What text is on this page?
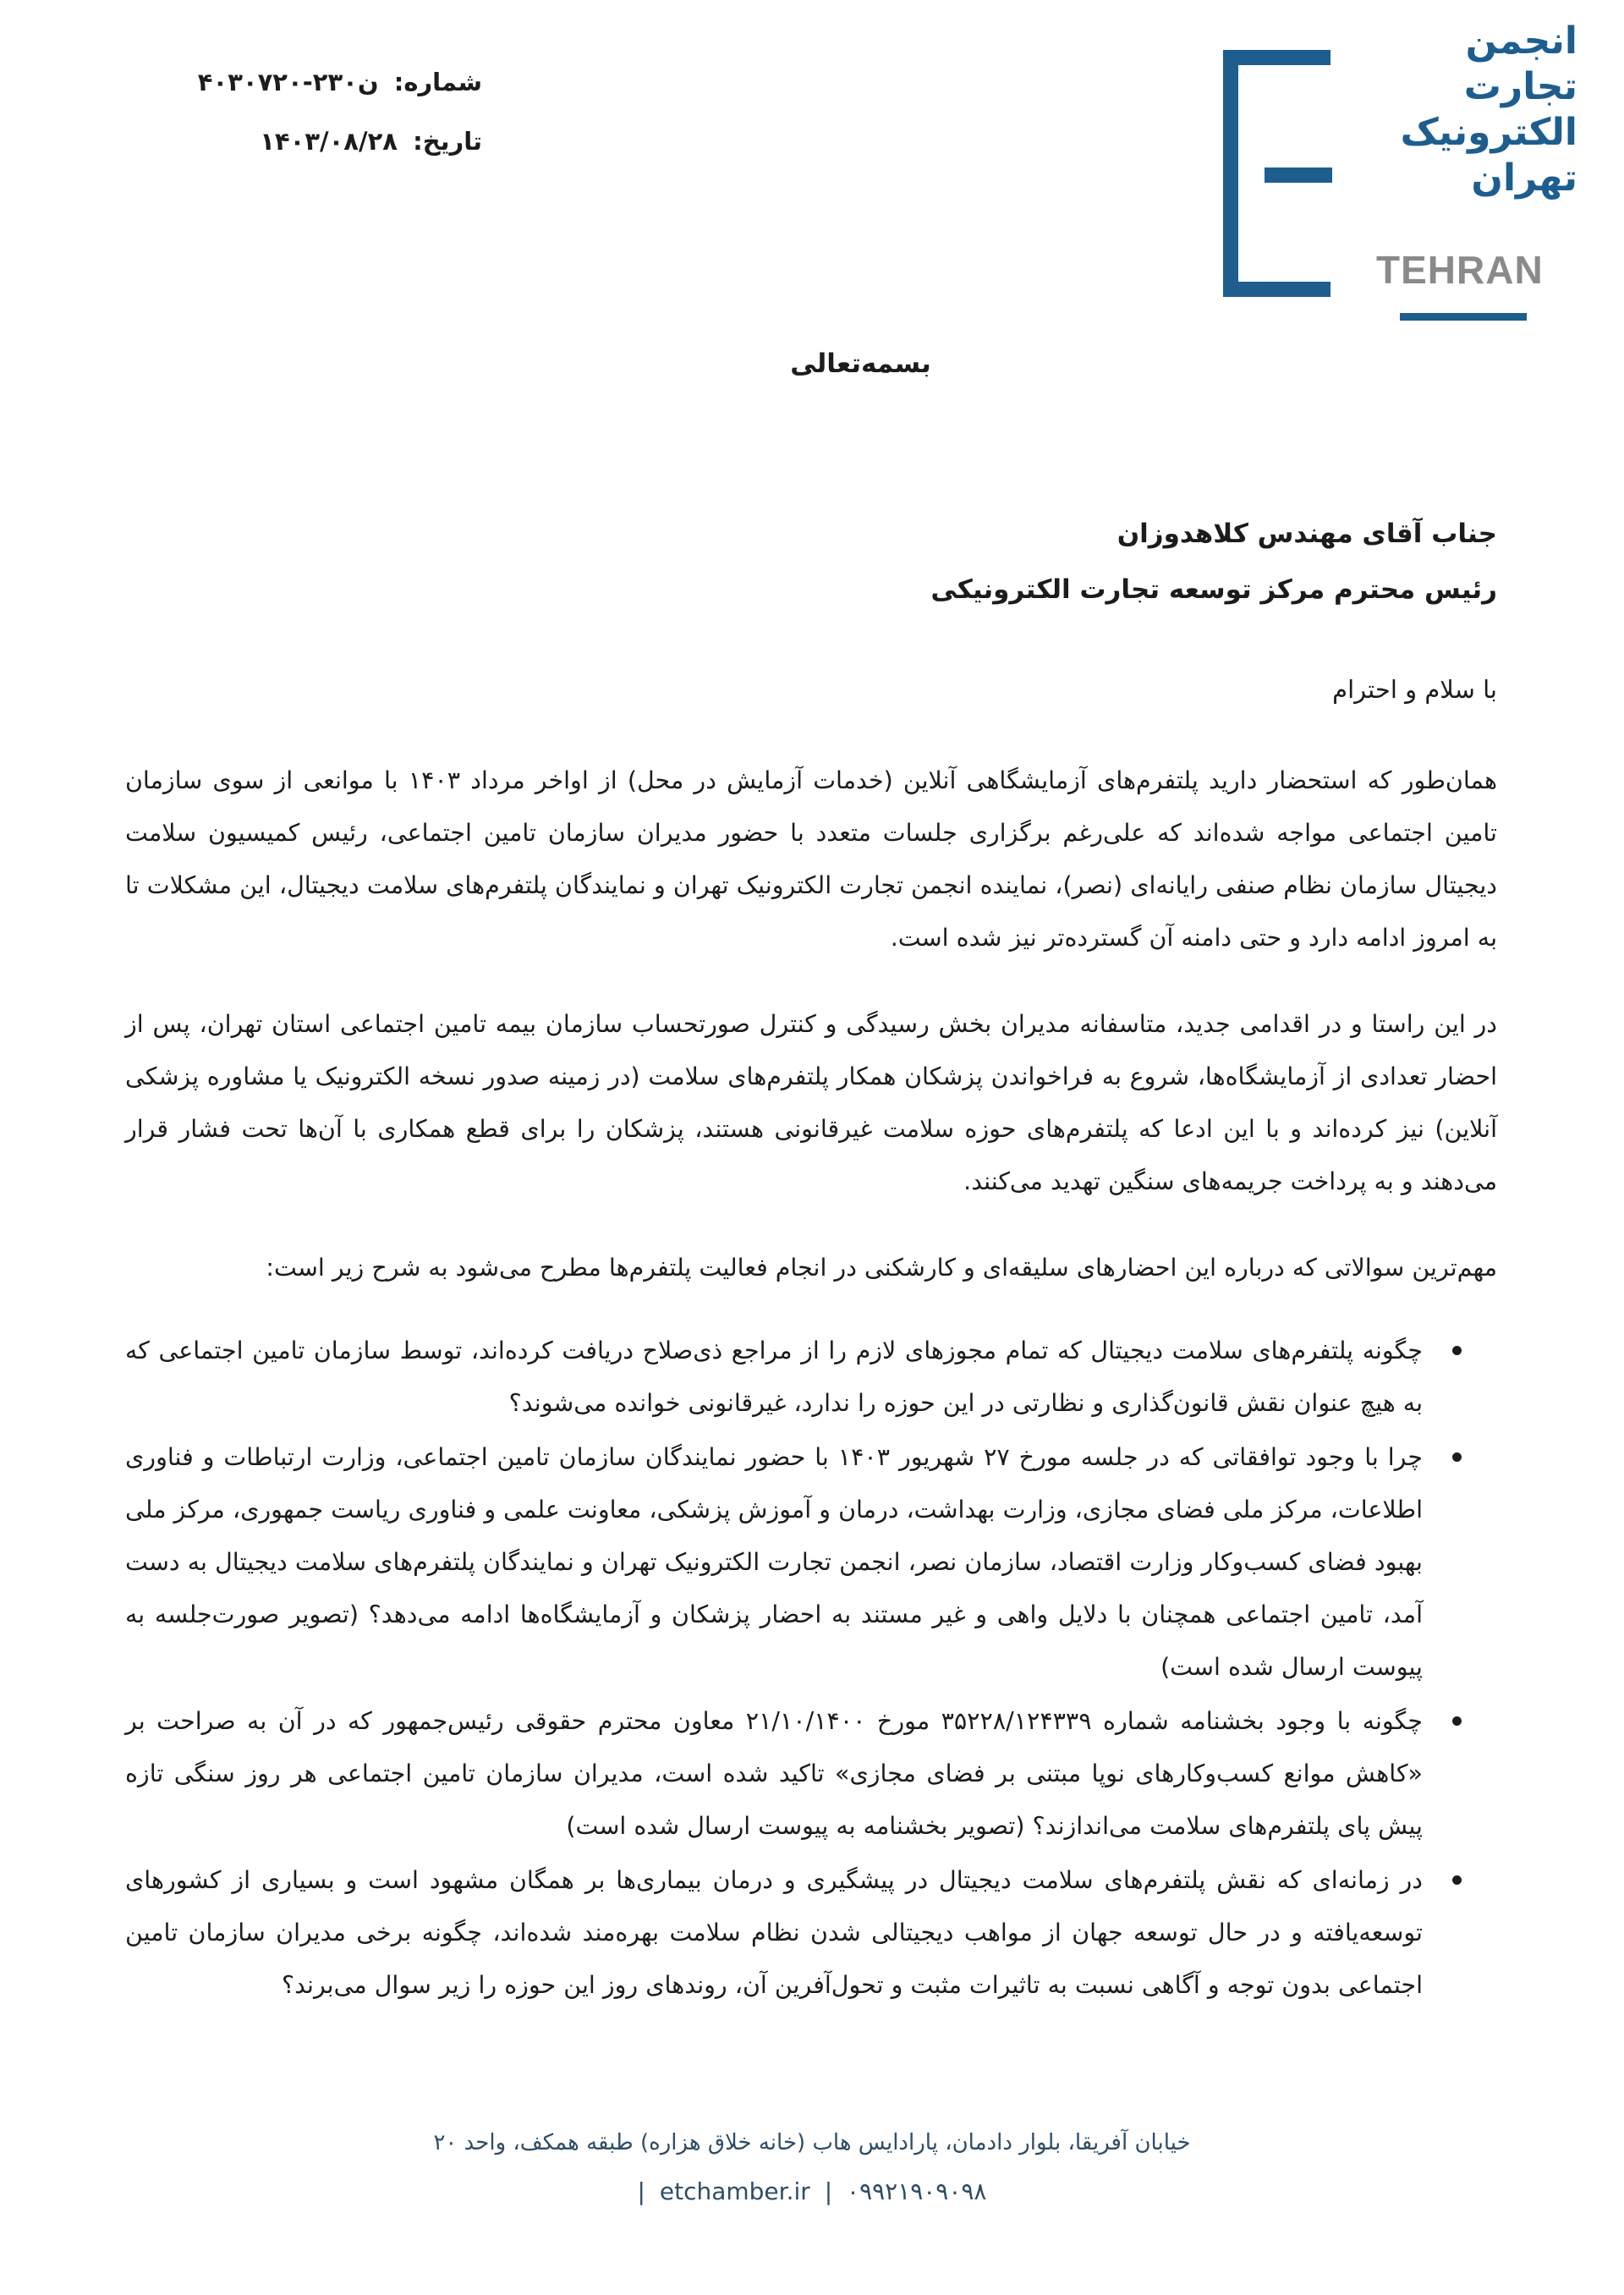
انجمن
تجارت
الکترونیک
تهران
TEHRAN
شماره: ن۲۳۰-۴۰۳۰۷۲۰
تاریخ: ۱۴۰۳/۰۸/۲۸
بسمه‌تعالی
جناب آقای مهندس کلاهدوزان
رئیس محترم مرکز توسعه تجارت الکترونیکی
با سلام و احترام

همان‌طور که استحضار دارید پلتفرم‌های آزمایشگاهی آنلاین (خدمات آزمایش در محل) از اواخر مرداد ۱۴۰۳ با موانعی از سوی سازمان تامین اجتماعی مواجه شده‌اند که علی‌رغم برگزاری جلسات متعدد با حضور مدیران سازمان تامین اجتماعی، رئیس کمیسیون سلامت دیجیتال سازمان نظام صنفی رایانه‌ای (نصر)، نماینده انجمن تجارت الکترونیک تهران و نمایندگان پلتفرم‌های سلامت دیجیتال، این مشکلات تا به امروز ادامه دارد و حتی دامنه آن گسترده‌تر نیز شده است.

در این راستا و در اقدامی جدید، متاسفانه مدیران بخش رسیدگی و کنترل صورتحساب سازمان بیمه تامین اجتماعی استان تهران، پس از احضار تعدادی از آزمایشگاه‌ها، شروع به فراخواندن پزشکان همکار پلتفرم‌های سلامت (در زمینه صدور نسخه الکترونیک یا مشاوره پزشکی آنلاین) نیز کرده‌اند و با این ادعا که پلتفرم‌های حوزه سلامت غیرقانونی هستند، پزشکان را برای قطع همکاری با آن‌ها تحت فشار قرار می‌دهند و به پرداخت جریمه‌های سنگین تهدید می‌کنند.

مهم‌ترین سوالاتی که درباره این احضارهای سلیقه‌ای و کارشکنی در انجام فعالیت پلتفرم‌ها مطرح می‌شود به شرح زیر است:

چگونه پلتفرم‌های سلامت دیجیتال که تمام مجوزهای لازم را از مراجع ذی‌صلاح دریافت کرده‌اند، توسط سازمان تامین اجتماعی که به هیچ عنوان نقش قانون‌گذاری و نظارتی در این حوزه را ندارد، غیرقانونی خوانده می‌شوند؟
چرا با وجود توافقاتی که در جلسه مورخ ۲۷ شهریور ۱۴۰۳ با حضور نمایندگان سازمان تامین اجتماعی، وزارت ارتباطات و فناوری اطلاعات، مرکز ملی فضای مجازی، وزارت بهداشت، درمان و آموزش پزشکی، معاونت علمی و فناوری ریاست جمهوری، مرکز ملی بهبود فضای کسب‌وکار وزارت اقتصاد، سازمان نصر، انجمن تجارت الکترونیک تهران و نمایندگان پلتفرم‌های سلامت دیجیتال به دست آمد، تامین اجتماعی همچنان با دلایل واهی و غیر مستند به احضار پزشکان و آزمایشگاه‌ها ادامه می‌دهد؟ (تصویر صورت‌جلسه به پیوست ارسال شده است)
چگونه با وجود بخشنامه شماره ۳۵۲۲۸/۱۲۴۳۳۹ مورخ ۲۱/۱۰/۱۴۰۰ معاون محترم حقوقی رئیس‌جمهور که در آن به صراحت بر «کاهش موانع کسب‌وکارهای نوپا مبتنی بر فضای مجازی» تاکید شده است، مدیران سازمان تامین اجتماعی هر روز سنگی تازه پیش پای پلتفرم‌های سلامت می‌اندازند؟ (تصویر بخشنامه به پیوست ارسال شده است)
در زمانه‌ای که نقش پلتفرم‌های سلامت دیجیتال در پیشگیری و درمان بیماری‌ها بر همگان مشهود است و بسیاری از کشورهای توسعه‌یافته و در حال توسعه جهان از مواهب دیجیتالی شدن نظام سلامت بهره‌مند شده‌اند، چگونه برخی مدیران سازمان تامین اجتماعی بدون توجه و آگاهی نسبت به تاثیرات مثبت و تحول‌آفرین آن، روندهای روز این حوزه را زیر سوال می‌برند؟
خیابان آفریقا، بلوار دادمان، پارادایس هاب (خانه خلاق هزاره) طبقه همکف، واحد ۲۰
| etchamber.ir | ۰۹۹۲۱۹۰۹۰۹۸
